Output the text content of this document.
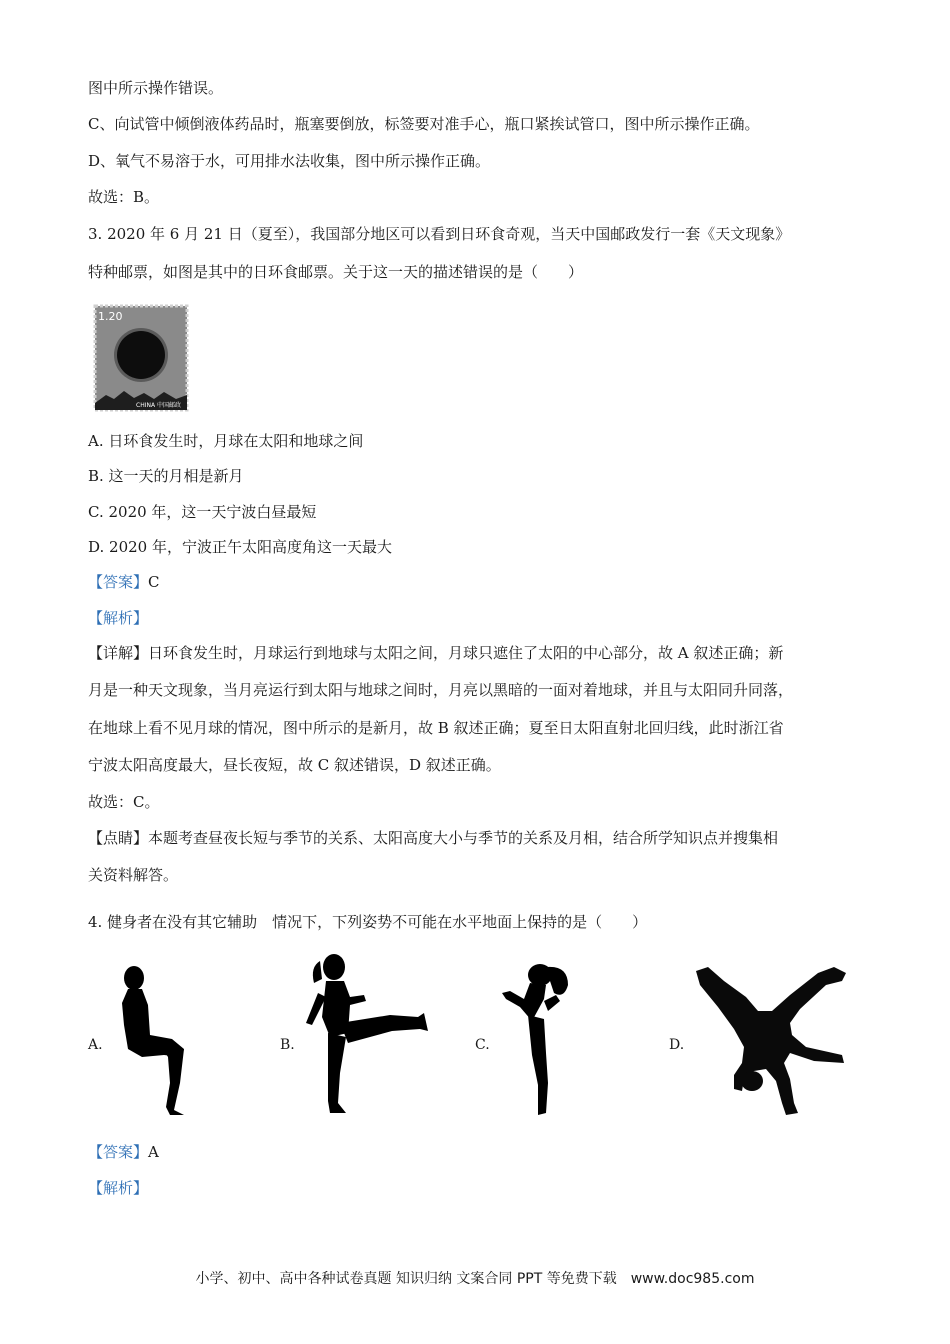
图中所示操作错误。
C、向试管中倾倒液体药品时，瓶塞要倒放，标签要对准手心，瓶口紧挨试管口，图中所示操作正确。
D、氧气不易溶于水，可用排水法收集，图中所示操作正确。
故选：B。
3. 2020 年 6 月 21 日（夏至），我国部分地区可以看到日环食奇观，当天中国邮政发行一套《天文现象》
特种邮票，如图是其中的日环食邮票。关于这一天的描述错误的是（　　）
1.20
CHINA 中国邮政
A. 日环食发生时，月球在太阳和地球之间
B. 这一天的月相是新月
C. 2020 年，这一天宁波白昼最短
D. 2020 年，宁波正午太阳高度角这一天最大
【答案】C
【解析】
【详解】日环食发生时，月球运行到地球与太阳之间，月球只遮住了太阳的中心部分，故 A 叙述正确；新
月是一种天文现象，当月亮运行到太阳与地球之间时，月亮以黑暗的一面对着地球，并且与太阳同升同落，
在地球上看不见月球的情况，图中所示的是新月，故 B 叙述正确；夏至日太阳直射北回归线，此时浙江省
宁波太阳高度最大，昼长夜短，故 C 叙述错误，D 叙述正确。
故选：C。
【点睛】本题考查昼夜长短与季节的关系、太阳高度大小与季节的关系及月相，结合所学知识点并搜集相
关资料解答。
4. 健身者在没有其它辅助　情况下，下列姿势不可能在水平地面上保持的是（　　）
A.	B.	C.	D.
【答案】A
【解析】
小学、初中、高中各种试卷真题 知识归纳 文案合同 PPT 等免费下载　www.doc985.com
